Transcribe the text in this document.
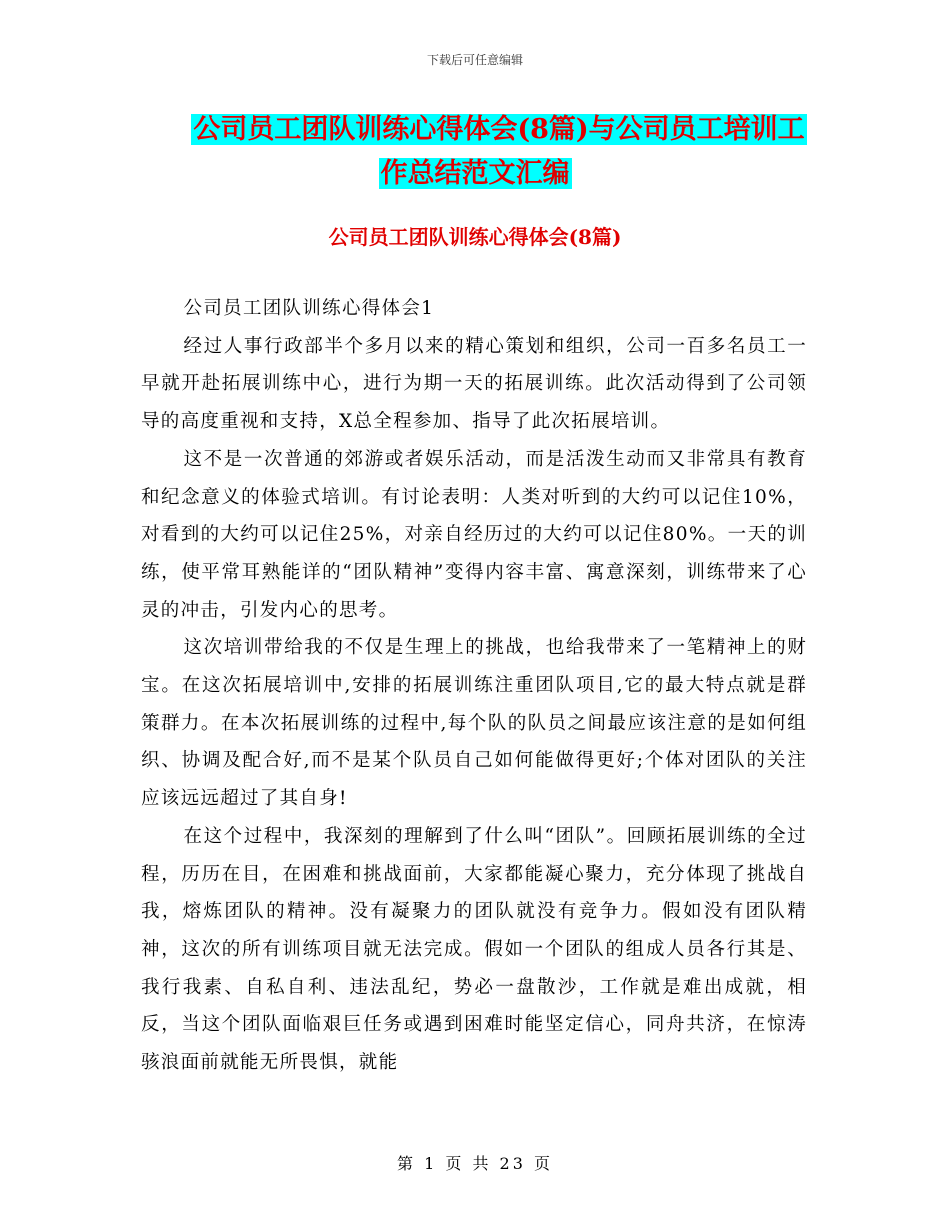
下载后可任意编辑
公司员工团队训练心得体会(8篇)与公司员工培训工
作总结范文汇编
公司员工团队训练心得体会(8篇)

公司员工团队训练心得体会1

经过人事行政部半个多月以来的精心策划和组织，公司一百多名员工一早就开赴拓展训练中心，进行为期一天的拓展训练。此次活动得到了公司领导的高度重视和支持，X总全程参加、指导了此次拓展培训。

这不是一次普通的郊游或者娱乐活动，而是活泼生动而又非常具有教育和纪念意义的体验式培训。有讨论表明：人类对听到的大约可以记住10%，对看到的大约可以记住25%，对亲自经历过的大约可以记住80%。一天的训练，使平常耳熟能详的“团队精神”变得内容丰富、寓意深刻，训练带来了心灵的冲击，引发内心的思考。

这次培训带给我的不仅是生理上的挑战，也给我带来了一笔精神上的财宝。在这次拓展培训中,安排的拓展训练注重团队项目,它的最大特点就是群策群力。在本次拓展训练的过程中,每个队的队员之间最应该注意的是如何组织、协调及配合好,而不是某个队员自己如何能做得更好;个体对团队的关注应该远远超过了其自身!

在这个过程中，我深刻的理解到了什么叫“团队”。回顾拓展训练的全过程，历历在目，在困难和挑战面前，大家都能凝心聚力，充分体现了挑战自我，熔炼团队的精神。没有凝聚力的团队就没有竞争力。假如没有团队精神，这次的所有训练项目就无法完成。假如一个团队的组成人员各行其是、我行我素、自私自利、违法乱纪，势必一盘散沙，工作就是难出成就，相反，当这个团队面临艰巨任务或遇到困难时能坚定信心，同舟共济，在惊涛骇浪面前就能无所畏惧，就能

第 1 页 共 23 页
